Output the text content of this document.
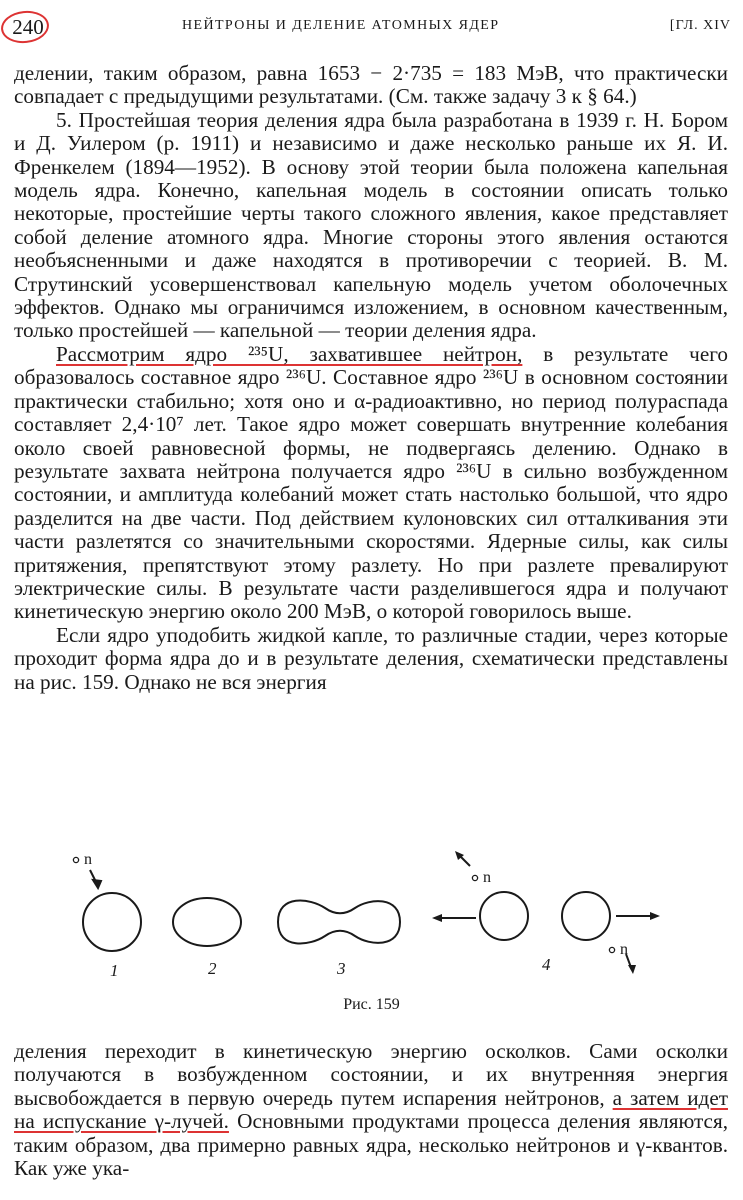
240	НЕЙТРОНЫ И ДЕЛЕНИЕ АТОМНЫХ ЯДЕР	[ГЛ. XIV

делении, таким образом, равна 1653 − 2·735 = 183 МэВ, что практически совпадает с предыдущими результатами. (См. также задачу 3 к § 64.)

5. Простейшая теория деления ядра была разработана в 1939 г. Н. Бором и Д. Уилером (р. 1911) и независимо и даже несколько раньше их Я. И. Френкелем (1894—1952). В основу этой теории была положена капельная модель ядра. Конечно, капельная модель в состоянии описать только некоторые, простейшие черты такого сложного явления, какое представляет собой деление атомного ядра. Многие стороны этого явления остаются необъясненными и даже находятся в противоречии с теорией. В. М. Струтинский усовершенствовал капельную модель учетом оболочечных эффектов. Однако мы ограничимся изложением, в основном качественным, только простейшей — капельной — теории деления ядра.

Рассмотрим ядро ²³⁵U, захватившее нейтрон, в результате чего образовалось составное ядро ²³⁶U. Составное ядро ²³⁶U в основном состоянии практически стабильно; хотя оно и α-радиоактивно, но период полураспада составляет 2,4·10⁷ лет. Такое ядро может совершать внутренние колебания около своей равновесной формы, не подвергаясь делению. Однако в результате захвата нейтрона получается ядро ²³⁶U в сильно возбужденном состоянии, и амплитуда колебаний может стать настолько большой, что ядро разделится на две части. Под действием кулоновских сил отталкивания эти части разлетятся со значительными скоростями. Ядерные силы, как силы притяжения, препятствуют этому разлету. Но при разлете превалируют электрические силы. В результате части разделившегося ядра и получают кинетическую энергию около 200 МэВ, о которой говорилось выше.

Если ядро уподобить жидкой капле, то различные стадии, через которые проходит форма ядра до и в результате деления, схематически представлены на рис. 159. Однако не вся энергия

n
n
n
1	2	3	4
Рис. 159

деления переходит в кинетическую энергию осколков. Сами осколки получаются в возбужденном состоянии, и их внутренняя энергия высвобождается в первую очередь путем испарения нейтронов, а затем идет на испускание γ-лучей. Основными продуктами процесса деления являются, таким образом, два примерно равных ядра, несколько нейтронов и γ-квантов. Как уже ука-
